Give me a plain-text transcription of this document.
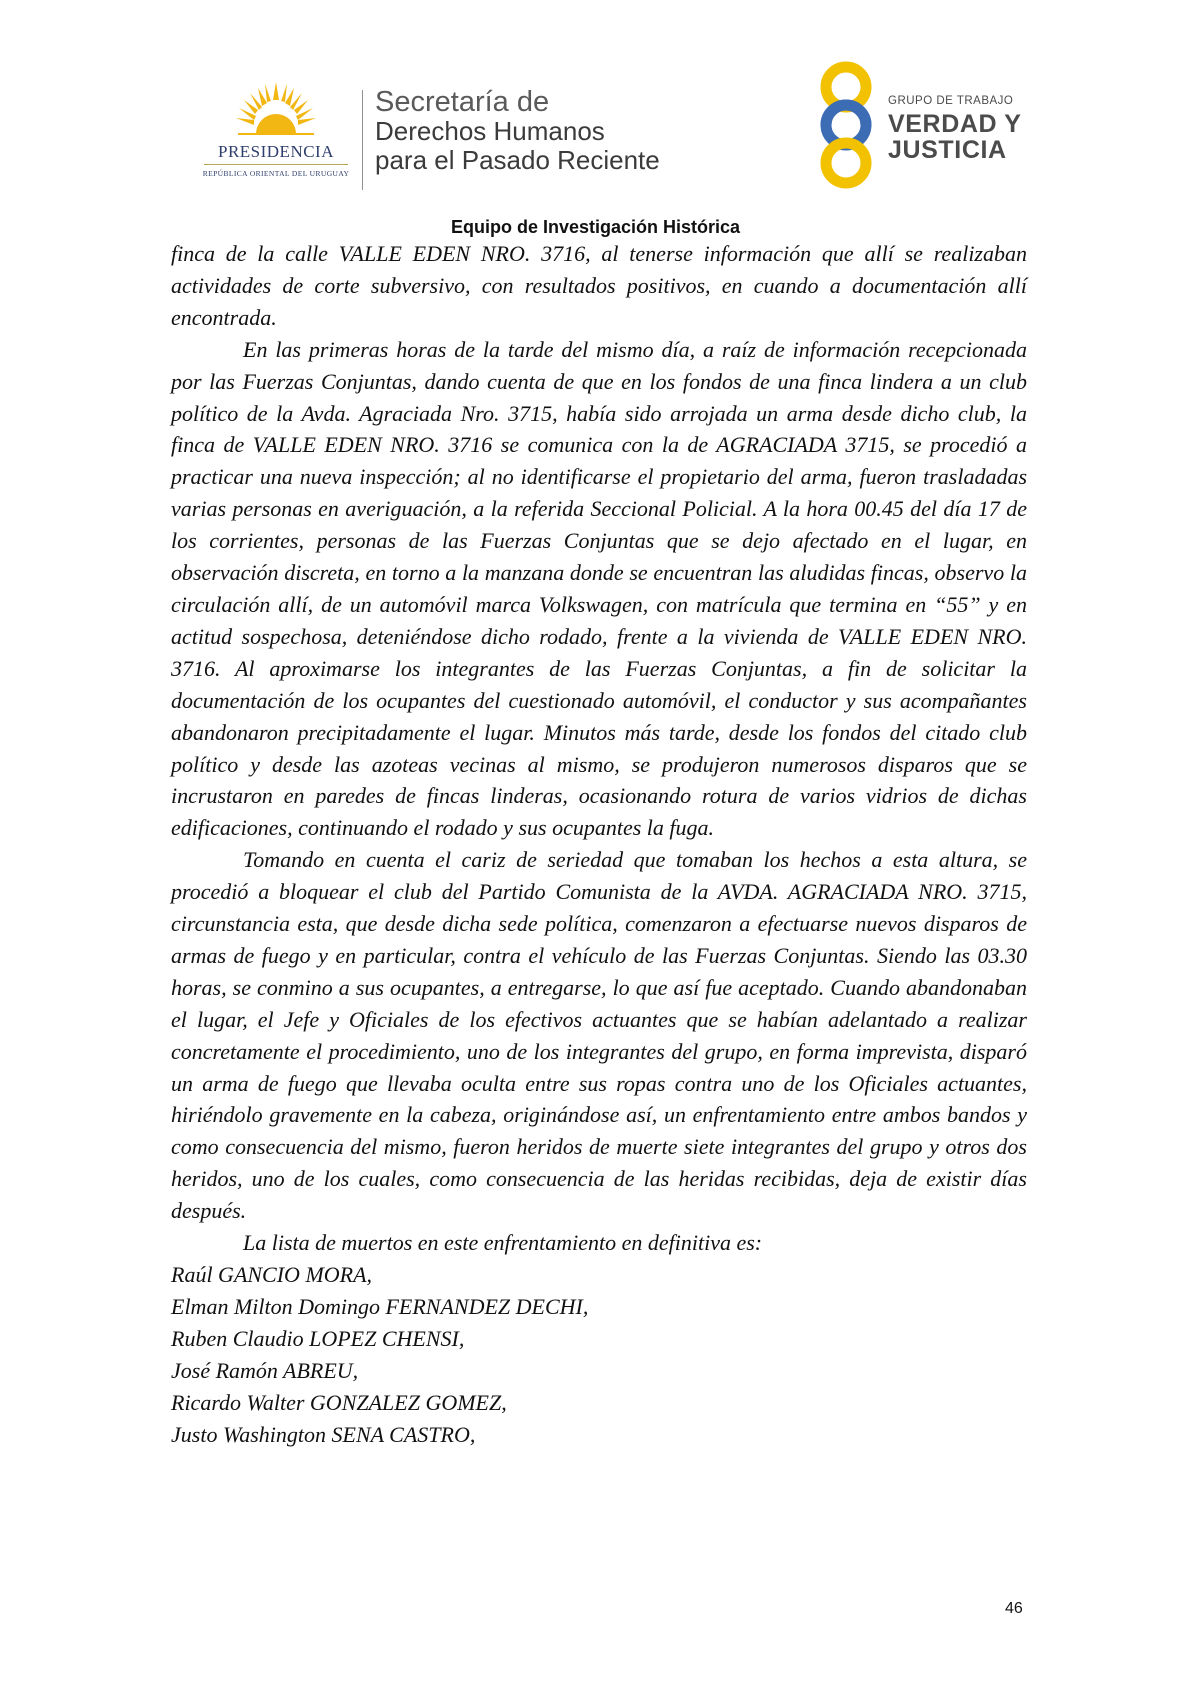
PRESIDENCIA
REPÚBLICA ORIENTAL DEL URUGUAY
Secretaría de
Derechos Humanos
para el Pasado Reciente
GRUPO DE TRABAJO
VERDAD Y
JUSTICIA
Equipo de Investigación Histórica

finca de la calle VALLE EDEN NRO. 3716, al tenerse información que allí se realizaban actividades de corte subversivo, con resultados positivos, en cuando a documentación allí encontrada.

En las primeras horas de la tarde del mismo día, a raíz de información recepcionada por las Fuerzas Conjuntas, dando cuenta de que en los fondos de una finca lindera a un club político de la Avda. Agraciada Nro. 3715, había sido arrojada un arma desde dicho club, la finca de VALLE EDEN NRO. 3716 se comunica con la de AGRACIADA 3715, se procedió a practicar una nueva inspección; al no identificarse el propietario del arma, fueron trasladadas varias personas en averiguación, a la referida Seccional Policial. A la hora 00.45 del día 17 de los corrientes, personas de las Fuerzas Conjuntas que se dejo afectado en el lugar, en observación discreta, en torno a la manzana donde se encuentran las aludidas fincas, observo la circulación allí, de un automóvil marca Volkswagen, con matrícula que termina en “55” y en actitud sospechosa, deteniéndose dicho rodado, frente a la vivienda de VALLE EDEN NRO. 3716. Al aproximarse los integrantes de las Fuerzas Conjuntas, a fin de solicitar la documentación de los ocupantes del cuestionado automóvil, el conductor y sus acompañantes abandonaron precipitadamente el lugar. Minutos más tarde, desde los fondos del citado club político y desde las azoteas vecinas al mismo, se produjeron numerosos disparos que se incrustaron en paredes de fincas linderas, ocasionando rotura de varios vidrios de dichas edificaciones, continuando el rodado y sus ocupantes la fuga.

Tomando en cuenta el cariz de seriedad que tomaban los hechos a esta altura, se procedió a bloquear el club del Partido Comunista de la AVDA. AGRACIADA NRO. 3715, circunstancia esta, que desde dicha sede política, comenzaron a efectuarse nuevos disparos de armas de fuego y en particular, contra el vehículo de las Fuerzas Conjuntas. Siendo las 03.30 horas, se conmino a sus ocupantes, a entregarse, lo que así fue aceptado. Cuando abandonaban el lugar, el Jefe y Oficiales de los efectivos actuantes que se habían adelantado a realizar concretamente el procedimiento, uno de los integrantes del grupo, en forma imprevista, disparó un arma de fuego que llevaba oculta entre sus ropas contra uno de los Oficiales actuantes, hiriéndolo gravemente en la cabeza, originándose así, un enfrentamiento entre ambos bandos y como consecuencia del mismo, fueron heridos de muerte siete integrantes del grupo y otros dos heridos, uno de los cuales, como consecuencia de las heridas recibidas, deja de existir días después.

La lista de muertos en este enfrentamiento en definitiva es:

Raúl GANCIO MORA,
Elman Milton Domingo FERNANDEZ DECHI,
Ruben Claudio LOPEZ CHENSI,
José Ramón ABREU,
Ricardo Walter GONZALEZ GOMEZ,
Justo Washington SENA CASTRO,
46
